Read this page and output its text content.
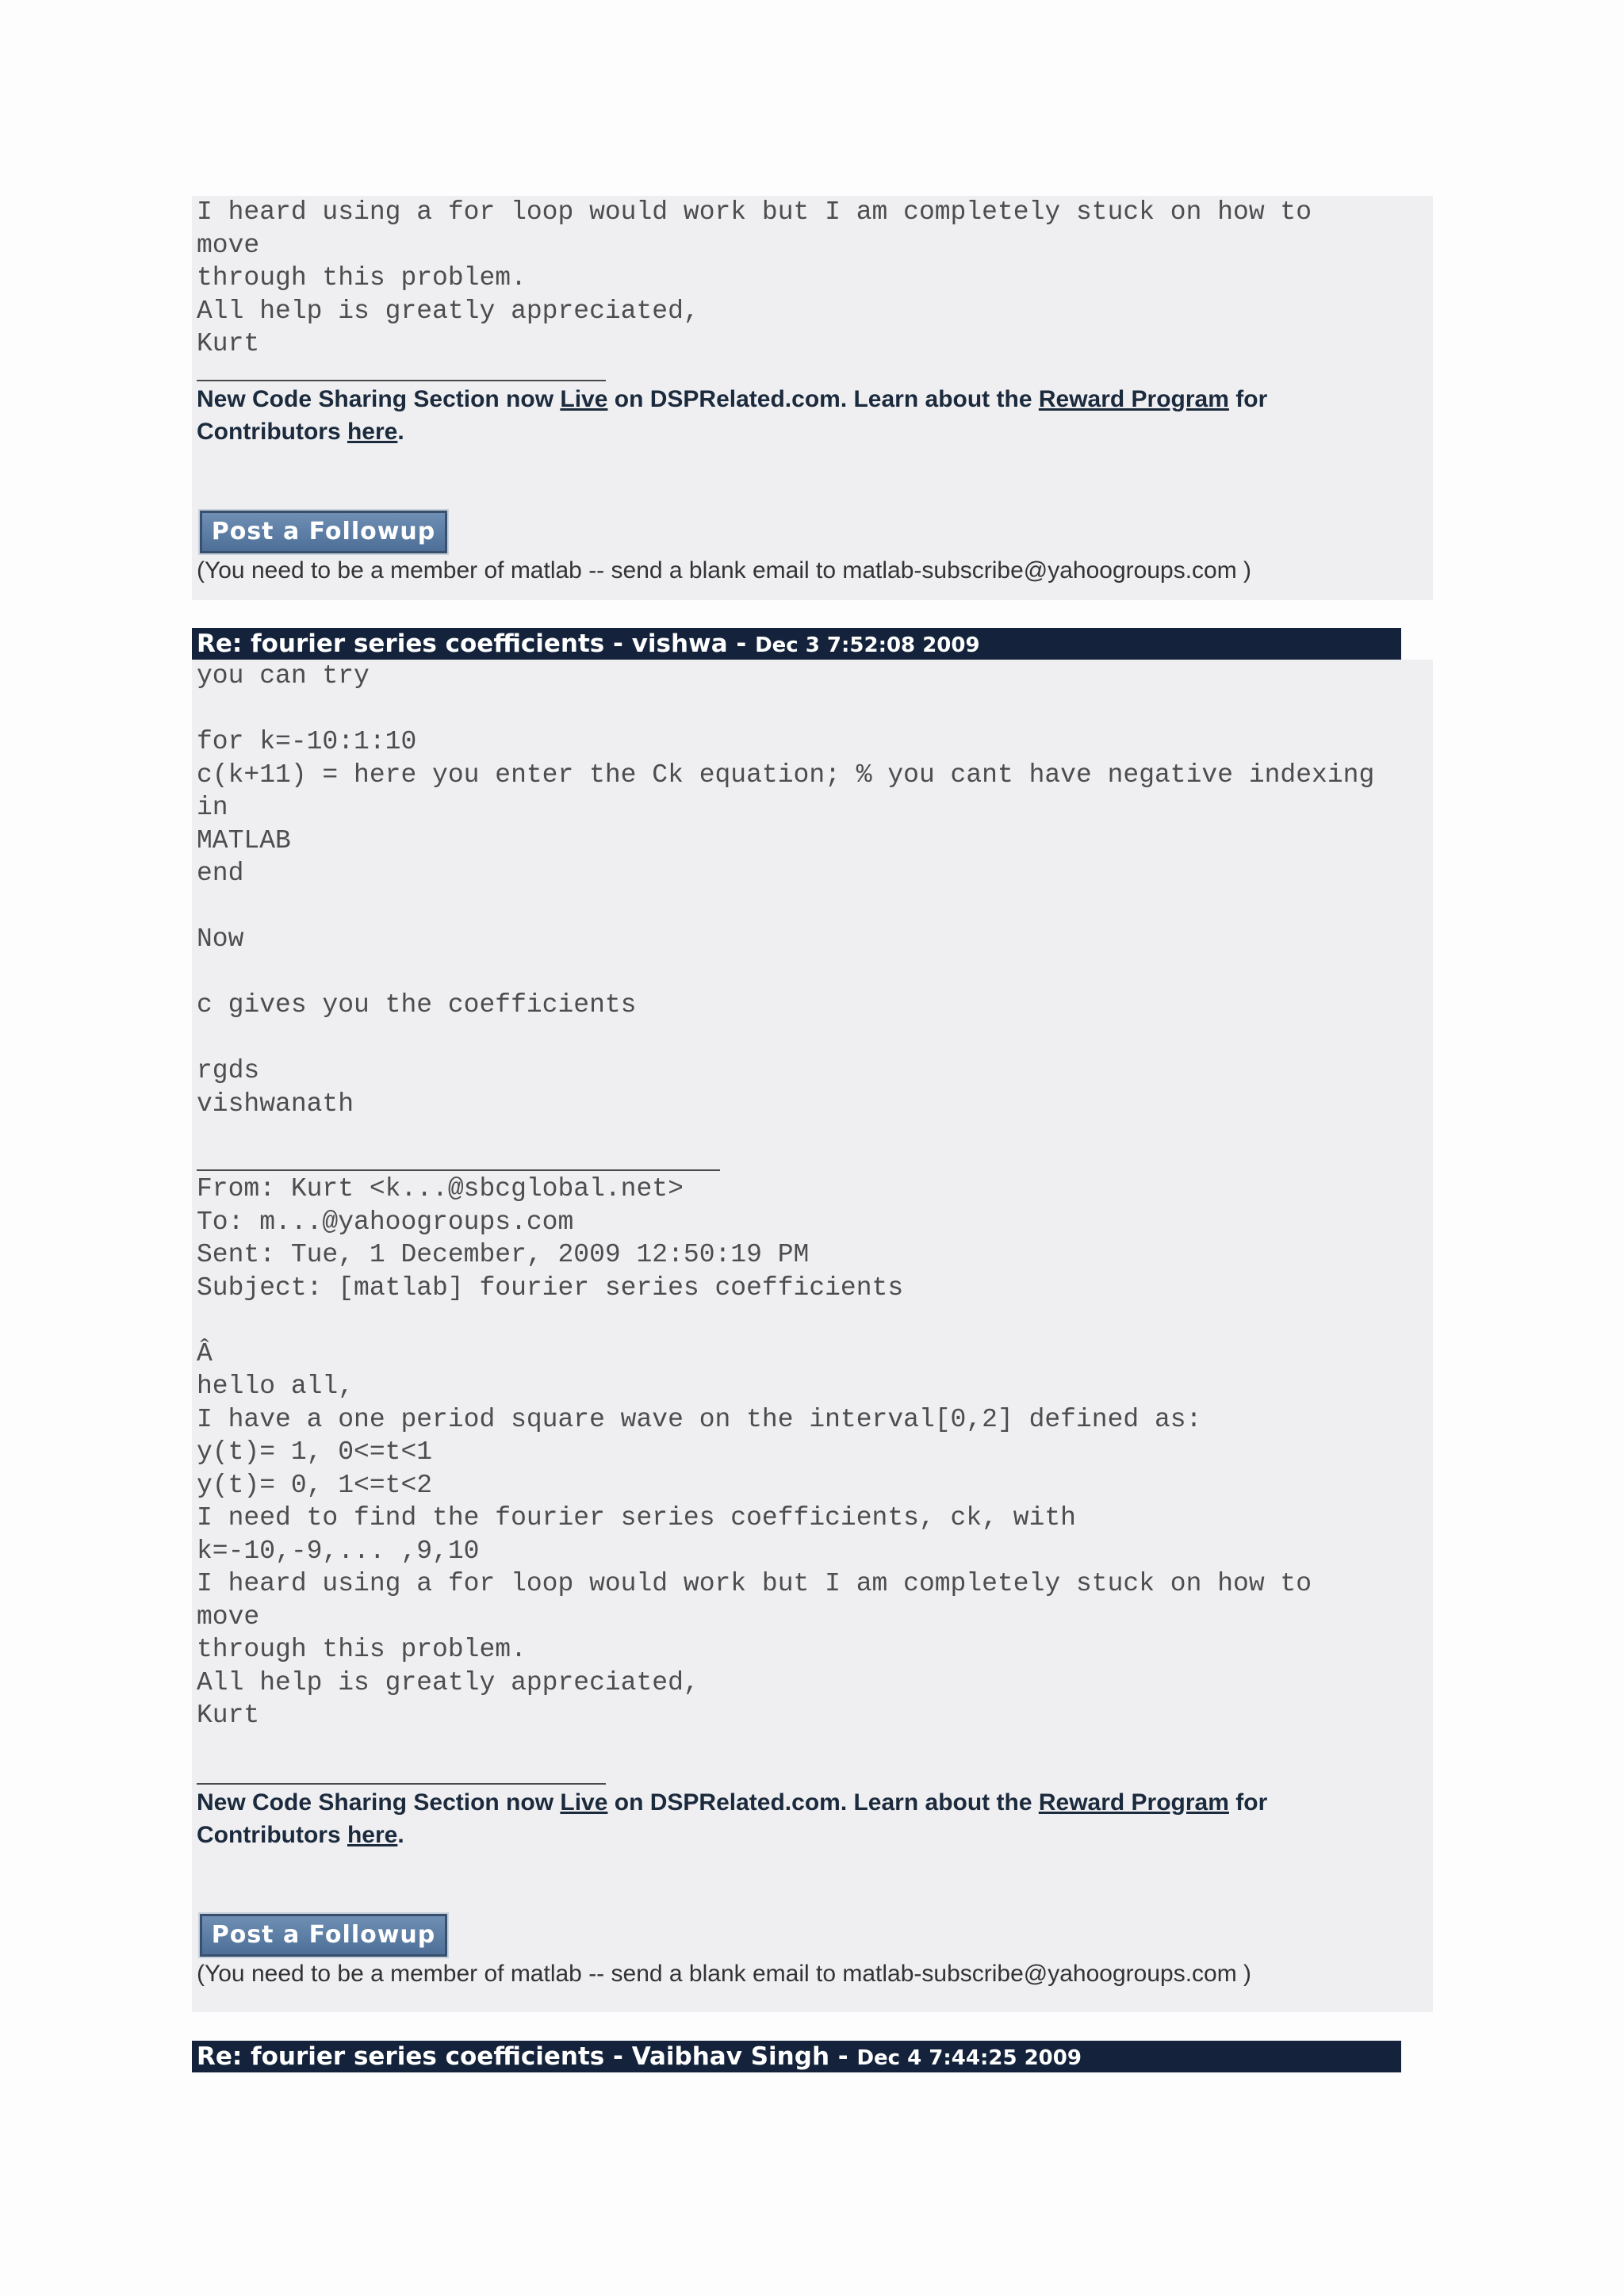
I heard using a for loop would work but I am completely stuck on how to
move
through this problem.
All help is greatly appreciated,
Kurt
New Code Sharing Section now Live on DSPRelated.com. Learn about the Reward Program for
Contributors here.
Post a Followup
(You need to be a member of matlab -- send a blank email to matlab-subscribe@yahoogroups.com )
Re: fourier series coefficients - vishwa - Dec 3 7:52:08 2009
you can try

for k=-10:1:10
c(k+11) = here you enter the Ck equation; % you cant have negative indexing
in
MATLAB
end

Now

c gives you the coefficients

rgds
vishwanath
From: Kurt <k...@sbcglobal.net>
To: m...@yahoogroups.com
Sent: Tue, 1 December, 2009 12:50:19 PM
Subject: [matlab] fourier series coefficients

Â
hello all,
I have a one period square wave on the interval[0,2] defined as:
y(t)= 1, 0<=t<1
y(t)= 0, 1<=t<2
I need to find the fourier series coefficients, ck, with
k=-10,-9,... ,9,10
I heard using a for loop would work but I am completely stuck on how to
move
through this problem.
All help is greatly appreciated,
Kurt
New Code Sharing Section now Live on DSPRelated.com. Learn about the Reward Program for
Contributors here.
Post a Followup
(You need to be a member of matlab -- send a blank email to matlab-subscribe@yahoogroups.com )
Re: fourier series coefficients - Vaibhav Singh - Dec 4 7:44:25 2009
